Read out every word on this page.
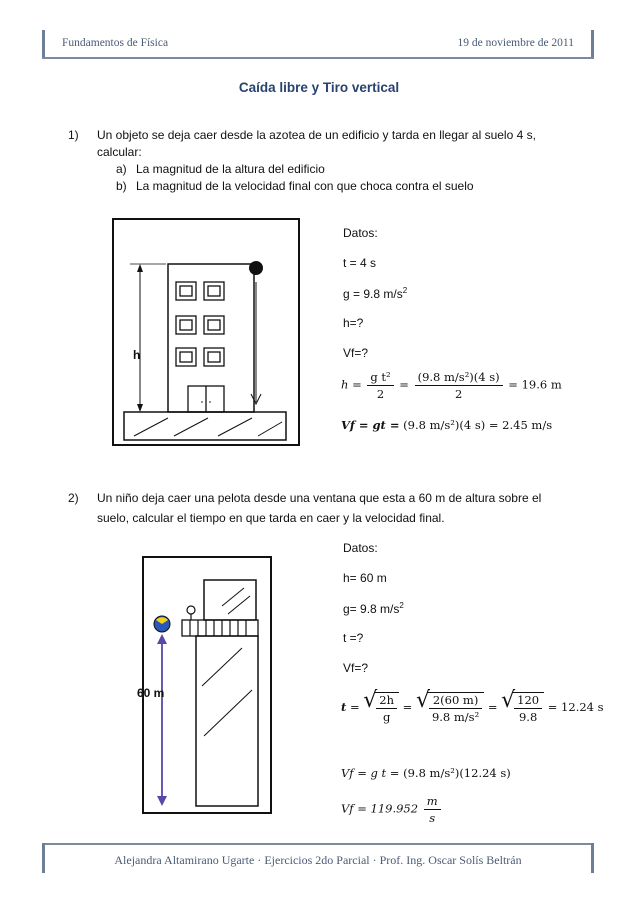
Fundamentos de Física	19 de noviembre de 2011
Caída libre y Tiro vertical
1) Un objeto se deja caer desde la azotea de un edificio y tarda en llegar al suelo 4 s,
calcular:
a) La magnitud de la altura del edificio
b) La magnitud de la velocidad final con que choca contra el suelo
h
Datos:
t = 4 s
g = 9.8 $m/s^2$
h=?
Vf=?
$h = \frac{\text{g t²}}{2} = \frac{\text{(9.8 m/s²)(4 s)}}{2} = 19.6$ m
Vf = gt = (9.8 m/s²)(4 s) = 2.45 m/s
2) Un niño deja caer una pelota desde una ventana que esta a 60 m de altura sobre el
suelo, calcular el tiempo en que tarda en caer y la velocidad final.
60 m
Datos:
h= 60 m
g= 9.8 $m/s^2$
t =?
Vf=?
t = √
$\frac{2h}{g}$ = √
$\frac{2(60 m)}{\text{9.8 m/s²}}$ = √
$\frac{120}{9.8} = 12.24$ s
Vf = g t = (9.8 m/s²)(12.24 s)
$Vf = 119.952 \frac{m}{s}$
Alejandra Altamirano Ugarte · Ejercicios 2do Parcial · Prof. Ing. Oscar Solís Beltrán
